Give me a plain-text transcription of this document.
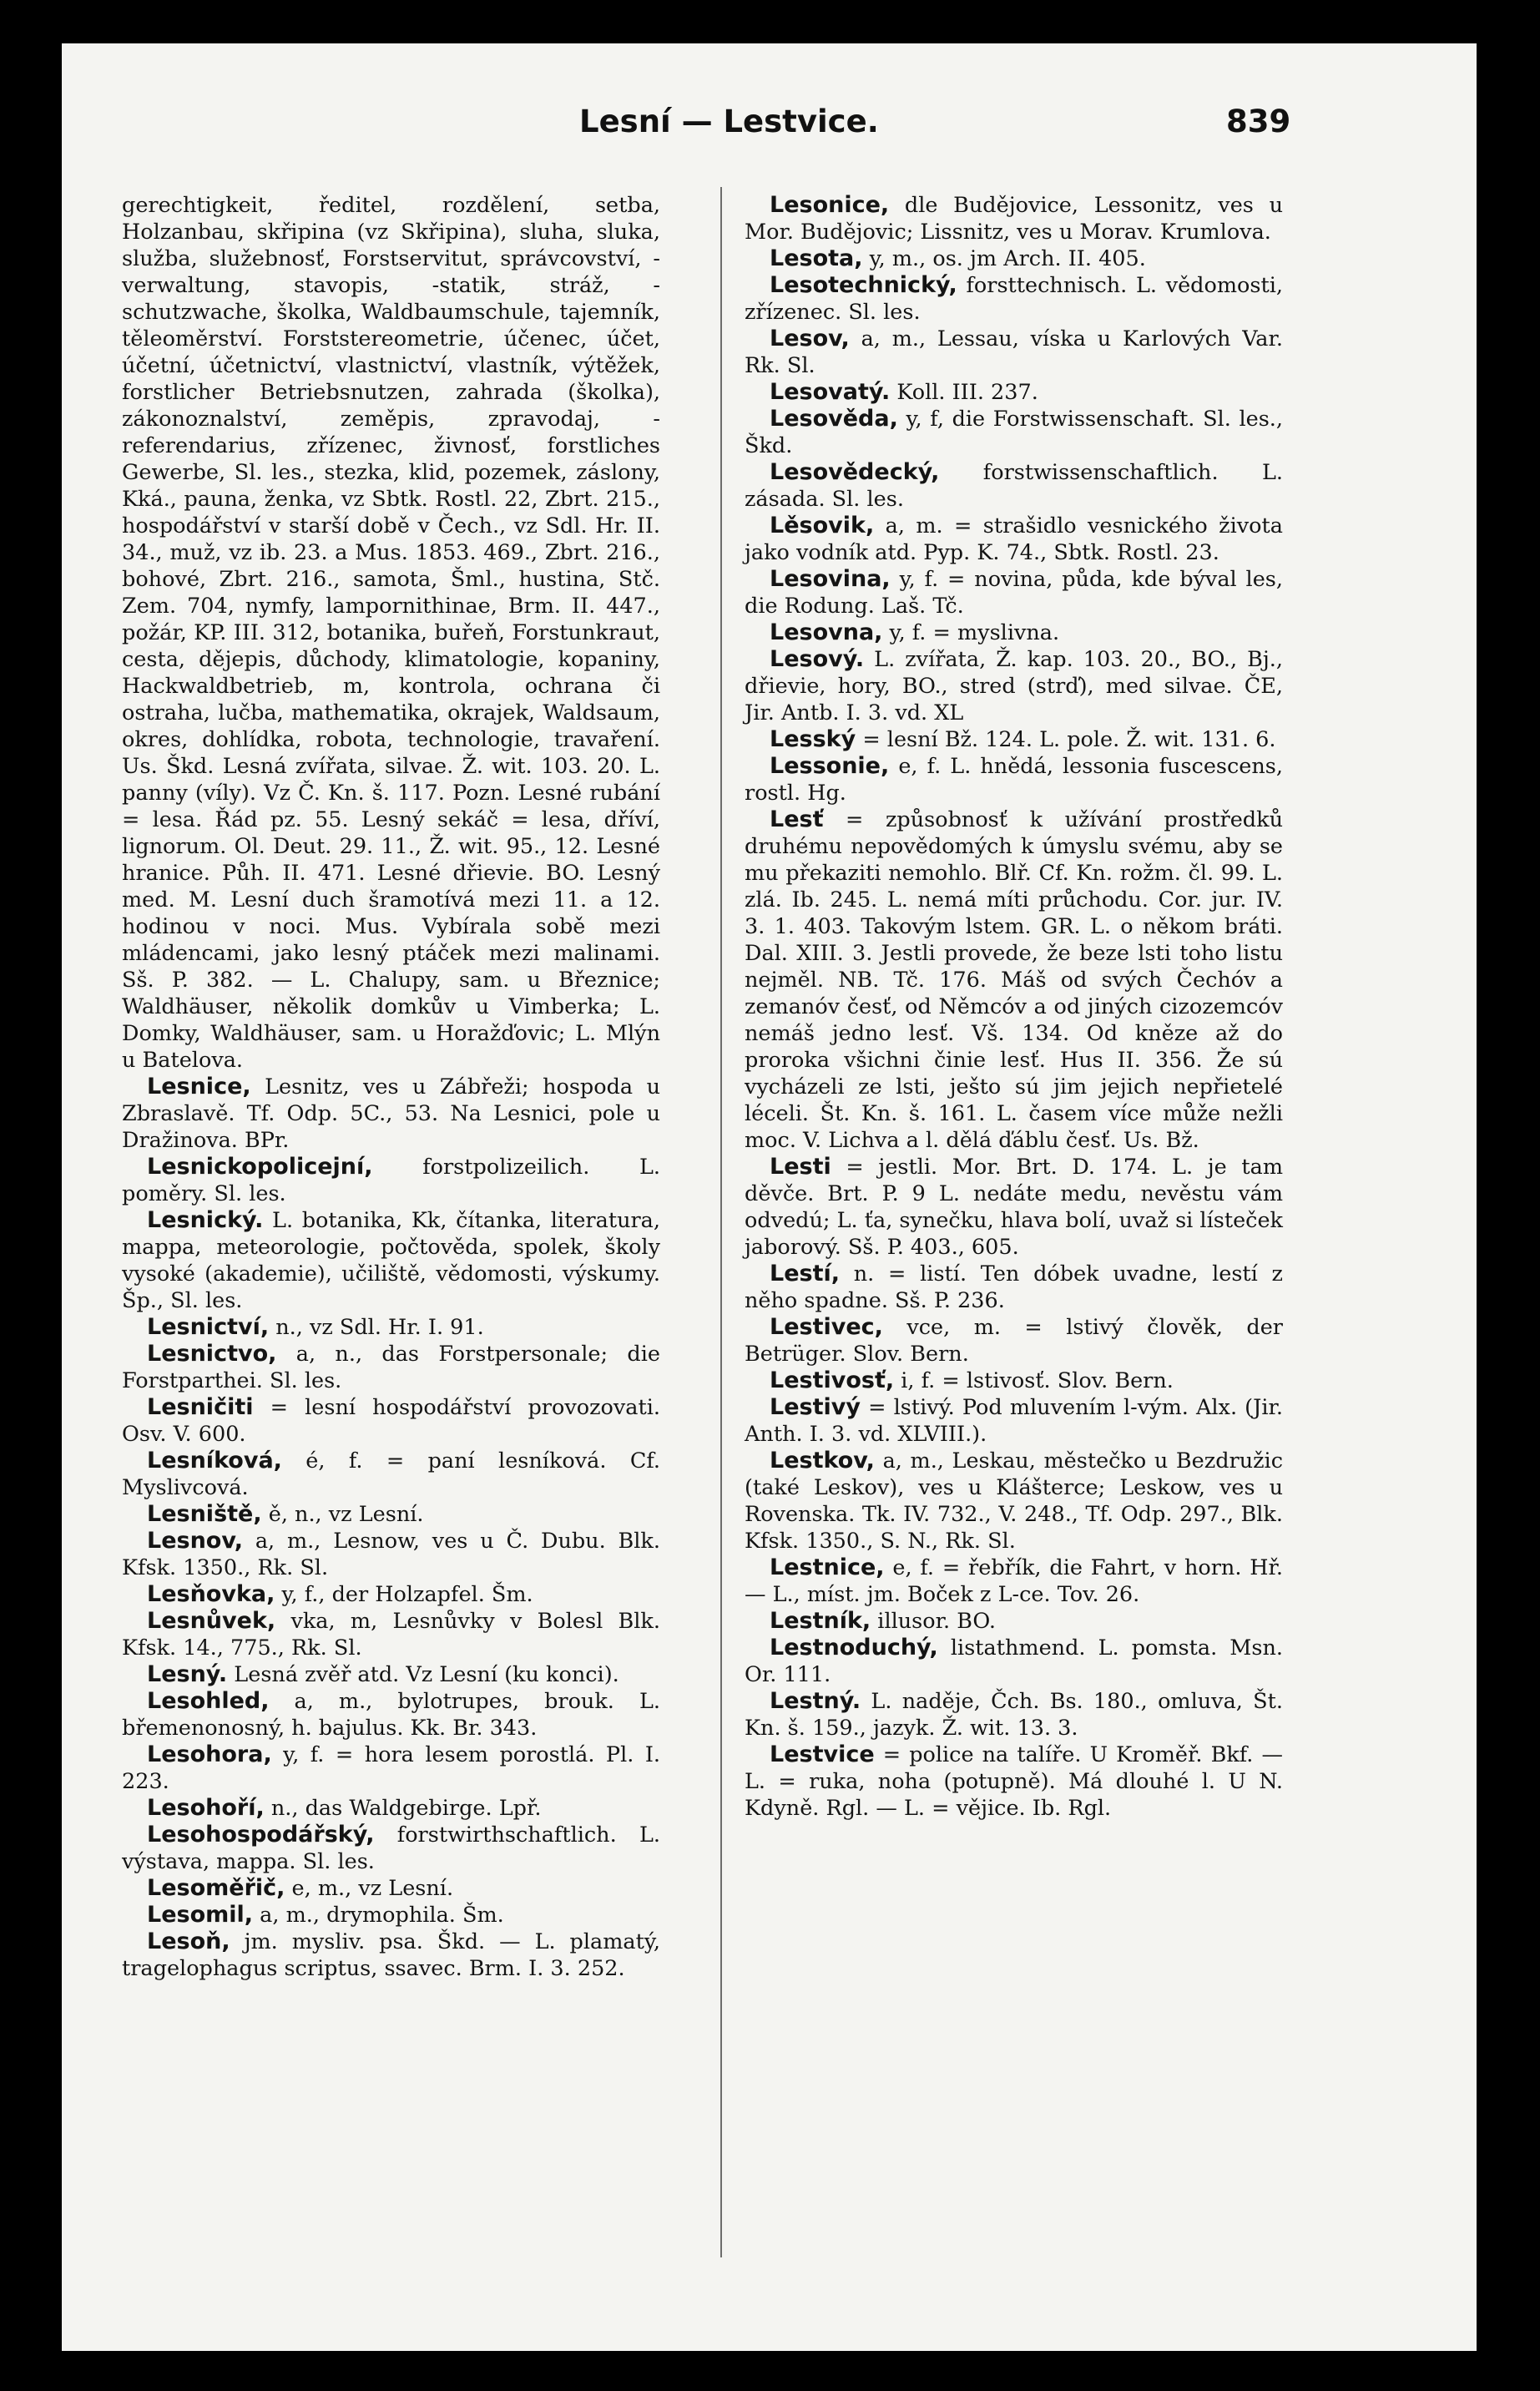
Lesní — Lestvice.	839

gerechtigkeit, ředitel, rozdělení, setba, Holzanbau, skřipina (vz Skřipina), sluha, sluka, služba, služebnosť, Forstservitut, správcovství, -verwaltung, stavopis, -statik, stráž, -schutzwache, školka, Waldbaumschule, tajemník, těleoměrství. Forststereometrie, účenec, účet, účetní, účetnictví, vlastnictví, vlastník, výtěžek, forstlicher Betriebsnutzen, zahrada (školka), zákonoznalství, zeměpis, zpravodaj, -referendarius, zřízenec, živnosť, forstliches Gewerbe, Sl. les., stezka, klid, pozemek, záslony, Kká., pauna, ženka, vz Sbtk. Rostl. 22, Zbrt. 215., hospodářství v starší době v Čech., vz Sdl. Hr. II. 34., muž, vz ib. 23. a Mus. 1853. 469., Zbrt. 216., bohové, Zbrt. 216., samota, Šml., hustina, Stč. Zem. 704, nymfy, lampornithinae, Brm. II. 447., požár, KP. III. 312, botanika, buřeň, Forstunkraut, cesta, dějepis, důchody, klimatologie, kopaniny, Hackwaldbetrieb, m, kontrola, ochrana či ostraha, lučba, mathematika, okrajek, Waldsaum, okres, dohlídka, robota, technologie, travaření. Us. Škd. Lesná zvířata, silvae. Ž. wit. 103. 20. L. panny (víly). Vz Č. Kn. š. 117. Pozn. Lesné rubání = lesa. Řád pz. 55. Lesný sekáč = lesa, dříví, lignorum. Ol. Deut. 29. 11., Ž. wit. 95., 12. Lesné hranice. Půh. II. 471. Lesné dřievie. BO. Lesný med. M. Lesní duch šramotívá mezi 11. a 12. hodinou v noci. Mus. Vybírala sobě mezi mládencami, jako lesný ptáček mezi malinami. Sš. P. 382. — L. Chalupy, sam. u Březnice; Waldhäuser, několik domkův u Vimberka; L. Domky, Waldhäuser, sam. u Horažďovic; L. Mlýn u Batelova.

Lesnice, Lesnitz, ves u Zábřeži; hospoda u Zbraslavě. Tf. Odp. 5C., 53. Na Lesnici, pole u Dražinova. BPr.

Lesnickopolicejní, forstpolizeilich. L. poměry. Sl. les.

Lesnický. L. botanika, Kk, čítanka, literatura, mappa, meteorologie, počtověda, spolek, školy vysoké (akademie), učiliště, vědomosti, výskumy. Šp., Sl. les.

Lesnictví, n., vz Sdl. Hr. I. 91.

Lesnictvo, a, n., das Forstpersonale; die Forstparthei. Sl. les.

Lesničiti = lesní hospodářství provozovati. Osv. V. 600.

Lesníková, é, f. = paní lesníková. Cf. Myslivcová.

Lesniště, ě, n., vz Lesní.

Lesnov, a, m., Lesnow, ves u Č. Dubu. Blk. Kfsk. 1350., Rk. Sl.

Lesňovka, y, f., der Holzapfel. Šm.

Lesnůvek, vka, m, Lesnůvky v Bolesl Blk. Kfsk. 14., 775., Rk. Sl.

Lesný. Lesná zvěř atd. Vz Lesní (ku konci).

Lesohled, a, m., bylotrupes, brouk. L. břemenonosný, h. bajulus. Kk. Br. 343.

Lesohora, y, f. = hora lesem porostlá. Pl. I. 223.

Lesohoří, n., das Waldgebirge. Lpř.

Lesohospodářský, forstwirthschaftlich. L. výstava, mappa. Sl. les.

Lesoměřič, e, m., vz Lesní.

Lesomil, a, m., drymophila. Šm.

Lesoň, jm. mysliv. psa. Škd. — L. plamatý, tragelophagus scriptus, ssavec. Brm. I. 3. 252.

Lesonice, dle Budějovice, Lessonitz, ves u Mor. Budějovic; Lissnitz, ves u Morav. Krumlova.

Lesota, y, m., os. jm Arch. II. 405.

Lesotechnický, forsttechnisch. L. vědomosti, zřízenec. Sl. les.

Lesov, a, m., Lessau, víska u Karlových Var. Rk. Sl.

Lesovatý. Koll. III. 237.

Lesověda, y, f, die Forstwissenschaft. Sl. les., Škd.

Lesovědecký, forstwissenschaftlich. L. zásada. Sl. les.

Lěsovik, a, m. = strašidlo vesnického života jako vodník atd. Pyp. K. 74., Sbtk. Rostl. 23.

Lesovina, y, f. = novina, půda, kde býval les, die Rodung. Laš. Tč.

Lesovna, y, f. = myslivna.

Lesový. L. zvířata, Ž. kap. 103. 20., BO., Bj., dřievie, hory, BO., stred (strď), med silvae. ČE, Jir. Antb. I. 3. vd. XL

Lesský = lesní Bž. 124. L. pole. Ž. wit. 131. 6.

Lessonie, e, f. L. hnědá, lessonia fuscescens, rostl. Hg.

Lesť = způsobnosť k užívání prostředků druhému nepovědomých k úmyslu svému, aby se mu překaziti nemohlo. Blř. Cf. Kn. rožm. čl. 99. L. zlá. Ib. 245. L. nemá míti průchodu. Cor. jur. IV. 3. 1. 403. Takovým lstem. GR. L. o někom bráti. Dal. XIII. 3. Jestli provede, že beze lsti toho listu nejměl. NB. Tč. 176. Máš od svých Čechóv a zemanóv česť, od Němcóv a od jiných cizozemcóv nemáš jedno lesť. Vš. 134. Od kněze až do proroka všichni činie lesť. Hus II. 356. Že sú vycházeli ze lsti, ješto sú jim jejich nepřietelé léceli. Št. Kn. š. 161. L. časem více může nežli moc. V. Lichva a l. dělá ďáblu česť. Us. Bž.

Lesti = jestli. Mor. Brt. D. 174. L. je tam děvče. Brt. P. 9 L. nedáte medu, nevěstu vám odvedú; L. ťa, synečku, hlava bolí, uvaž si lísteček jaborový. Sš. P. 403., 605.

Lestí, n. = listí. Ten dóbek uvadne, lestí z něho spadne. Sš. P. 236.

Lestivec, vce, m. = lstivý člověk, der Betrüger. Slov. Bern.

Lestivosť, i, f. = lstivosť. Slov. Bern.

Lestivý = lstivý. Pod mluvením l-vým. Alx. (Jir. Anth. I. 3. vd. XLVIII.).

Lestkov, a, m., Leskau, městečko u Bezdružic (také Leskov), ves u Klášterce; Leskow, ves u Rovenska. Tk. IV. 732., V. 248., Tf. Odp. 297., Blk. Kfsk. 1350., S. N., Rk. Sl.

Lestnice, e, f. = řebřík, die Fahrt, v horn. Hř. — L., míst. jm. Boček z L-ce. Tov. 26.

Lestník, illusor. BO.

Lestnoduchý, listathmend. L. pomsta. Msn. Or. 111.

Lestný. L. naděje, Čch. Bs. 180., omluva, Št. Kn. š. 159., jazyk. Ž. wit. 13. 3.

Lestvice = police na talíře. U Kroměř. Bkf. — L. = ruka, noha (potupně). Má dlouhé l. U N. Kdyně. Rgl. — L. = vějice. Ib. Rgl.
